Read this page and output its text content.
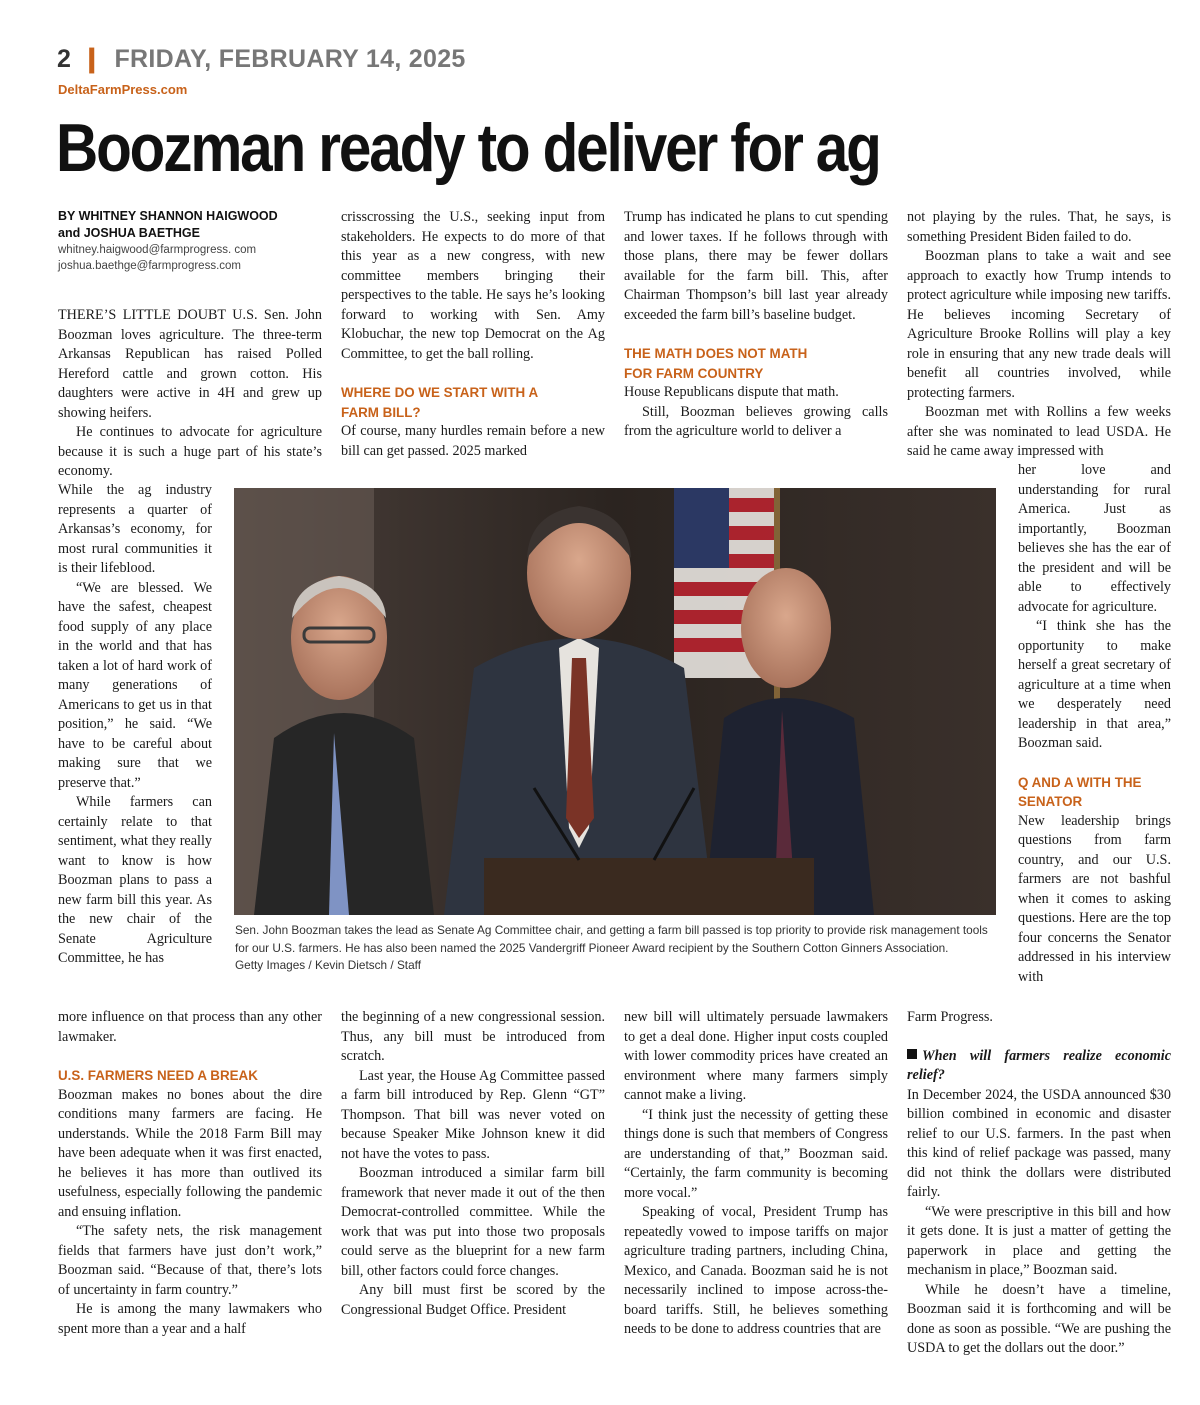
2 ❙ FRIDAY, FEBRUARY 14, 2025
DeltaFarmPress.com
Boozman ready to deliver for ag
BY WHITNEY SHANNON HAIGWOOD
and JOSHUA BAETHGE
whitney.haigwood@farmprogress. com
joshua.baethge@farmprogress.com

THERE’S LITTLE DOUBT U.S. Sen. John Boozman loves agriculture. The three-term Arkansas Republican has raised Polled Hereford cattle and grown cotton. His daughters were active in 4H and grew up showing heifers.

He continues to advocate for agriculture because it is such a huge part of his state’s economy.

While the ag industry represents a quarter of Arkansas’s economy, for most rural communities it is their lifeblood.

“We are blessed. We have the safest, cheapest food supply of any place in the world and that has taken a lot of hard work of many generations of Americans to get us in that position,” he said. “We have to be careful about making sure that we preserve that.”

While farmers can certainly relate to that sentiment, what they really want to know is how Boozman plans to pass a new farm bill this year. As the new chair of the Senate Agriculture Committee, he has

more influence on that process than any other lawmaker.

U.S. FARMERS NEED A BREAK

Boozman makes no bones about the dire conditions many farmers are facing. He understands. While the 2018 Farm Bill may have been adequate when it was first enacted, he believes it has more than outlived its usefulness, especially following the pandemic and ensuing inflation.

“The safety nets, the risk management fields that farmers have just don’t work,” Boozman said. “Because of that, there’s lots of uncertainty in farm country.”

He is among the many lawmakers who spent more than a year and a half

crisscrossing the U.S., seeking input from stakeholders. He expects to do more of that this year as a new congress, with new committee members bringing their perspectives to the table. He says he’s looking forward to working with Sen. Amy Klobuchar, the new top Democrat on the Ag Committee, to get the ball rolling.

WHERE DO WE START WITH A FARM BILL?

Of course, many hurdles remain before a new bill can get passed. 2025 marked

the beginning of a new congressional session. Thus, any bill must be introduced from scratch.

Last year, the House Ag Committee passed a farm bill introduced by Rep. Glenn “GT” Thompson. That bill was never voted on because Speaker Mike Johnson knew it did not have the votes to pass.

Boozman introduced a similar farm bill framework that never made it out of the then Democrat-controlled committee. While the work that was put into those two proposals could serve as the blueprint for a new farm bill, other factors could force changes.

Any bill must first be scored by the Congressional Budget Office. President

Trump has indicated he plans to cut spending and lower taxes. If he follows through with those plans, there may be fewer dollars available for the farm bill. This, after Chairman Thompson’s bill last year already exceeded the farm bill’s baseline budget.

THE MATH DOES NOT MATH FOR FARM COUNTRY

House Republicans dispute that math.

Still, Boozman believes growing calls from the agriculture world to deliver a

new bill will ultimately persuade lawmakers to get a deal done. Higher input costs coupled with lower commodity prices have created an environment where many farmers simply cannot make a living.

“I think just the necessity of getting these things done is such that members of Congress are understanding of that,” Boozman said. “Certainly, the farm community is becoming more vocal.”

Speaking of vocal, President Trump has repeatedly vowed to impose tariffs on major agriculture trading partners, including China, Mexico, and Canada. Boozman said he is not necessarily inclined to impose across-the-board tariffs. Still, he believes something needs to be done to address countries that are

not playing by the rules. That, he says, is something President Biden failed to do.

Boozman plans to take a wait and see approach to exactly how Trump intends to protect agriculture while imposing new tariffs. He believes incoming Secretary of Agriculture Brooke Rollins will play a key role in ensuring that any new trade deals will benefit all countries involved, while protecting farmers.

Boozman met with Rollins a few weeks after she was nominated to lead USDA. He said he came away impressed with

her love and understanding for rural America. Just as importantly, Boozman believes she has the ear of the president and will be able to effectively advocate for agriculture.

“I think she has the opportunity to make herself a great secretary of agriculture at a time when we desperately need leadership in that area,” Boozman said.

Q AND A WITH THE SENATOR

New leadership brings questions from farm country, and our U.S. farmers are not bashful when it comes to asking questions. Here are the top four concerns the Senator addressed in his interview with

Farm Progress.

When will farmers realize economic relief?

In December 2024, the USDA announced $30 billion combined in economic and disaster relief to our U.S. farmers. In the past when this kind of relief package was passed, many did not think the dollars were distributed fairly.

“We were prescriptive in this bill and how it gets done. It is just a matter of getting the paperwork in place and getting the mechanism in place,” Boozman said.

While he doesn’t have a timeline, Boozman said it is forthcoming and will be done as soon as possible. “We are pushing the USDA to get the dollars out the door.”

Sen. John Boozman takes the lead as Senate Ag Committee chair, and getting a farm bill passed is top priority to provide risk management tools for our U.S. farmers. He has also been named the 2025 Vandergriff Pioneer Award recipient by the Southern Cotton Ginners Association.
Getty Images / Kevin Dietsch / Staff
